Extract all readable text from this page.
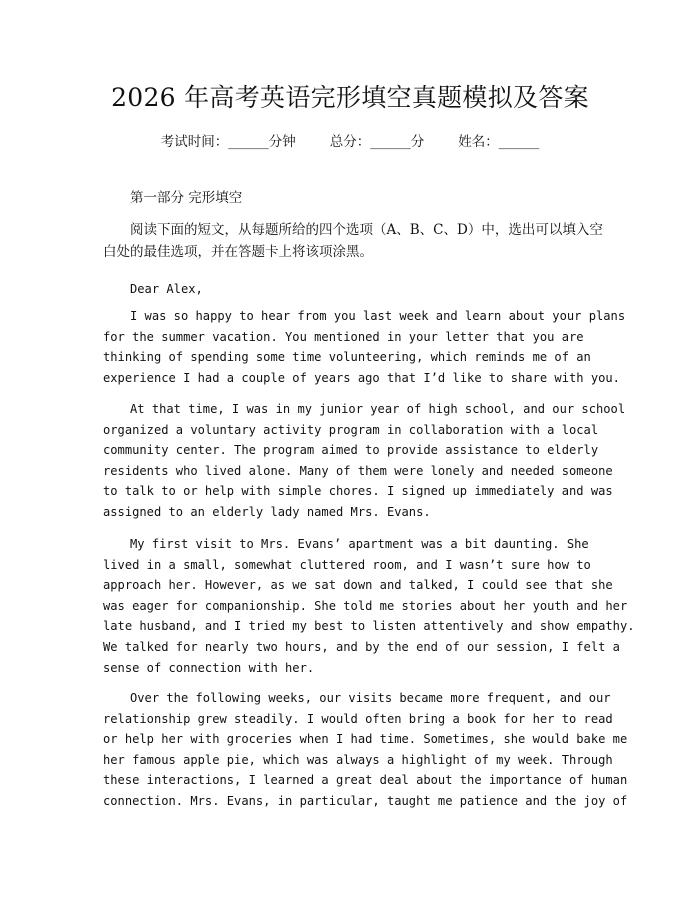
2026 年高考英语完形填空真题模拟及答案
考试时间：______分钟	总分：______分	姓名：______
第一部分 完形填空
阅读下面的短文，从每题所给的四个选项（A、B、C、D）中，选出可以填入空
白处的最佳选项，并在答题卡上将该项涂黑。
Dear Alex,
I was so happy to hear from you last week and learn about your plans
for the summer vacation. You mentioned in your letter that you are
thinking of spending some time volunteering, which reminds me of an
experience I had a couple of years ago that I’d like to share with you.
At that time, I was in my junior year of high school, and our school
organized a voluntary activity program in collaboration with a local
community center. The program aimed to provide assistance to elderly
residents who lived alone. Many of them were lonely and needed someone
to talk to or help with simple chores. I signed up immediately and was
assigned to an elderly lady named Mrs. Evans.
My first visit to Mrs. Evans’ apartment was a bit daunting. She
lived in a small, somewhat cluttered room, and I wasn’t sure how to
approach her. However, as we sat down and talked, I could see that she
was eager for companionship. She told me stories about her youth and her
late husband, and I tried my best to listen attentively and show empathy.
We talked for nearly two hours, and by the end of our session, I felt a
sense of connection with her.
Over the following weeks, our visits became more frequent, and our
relationship grew steadily. I would often bring a book for her to read
or help her with groceries when I had time. Sometimes, she would bake me
her famous apple pie, which was always a highlight of my week. Through
these interactions, I learned a great deal about the importance of human
connection. Mrs. Evans, in particular, taught me patience and the joy of
